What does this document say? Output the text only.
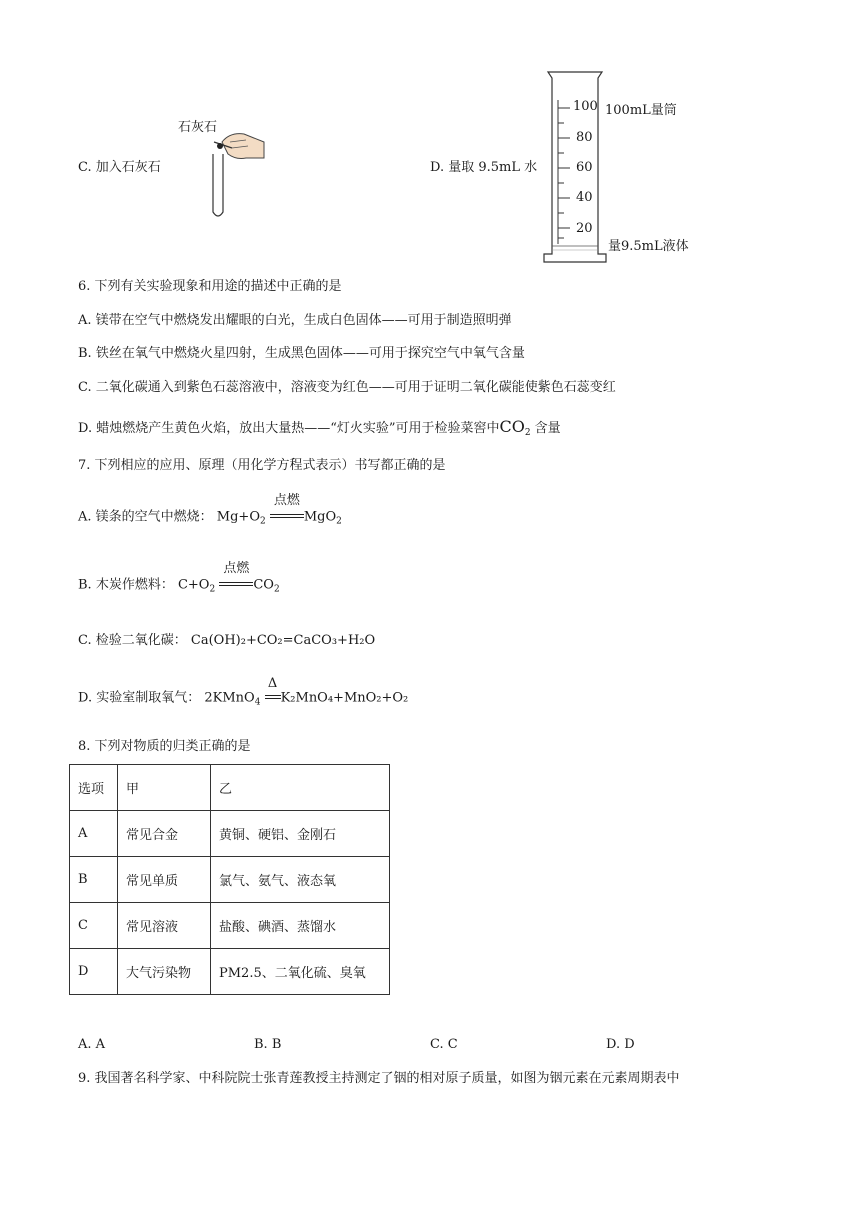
C. 加入石灰石
石灰石
D. 量取 9.5mL 水
100
80
60
40
20
100mL量筒
量9.5mL液体
6. 下列有关实验现象和用途的描述中正确的是
A. 镁带在空气中燃烧发出耀眼的白光，生成白色固体——可用于制造照明弹
B. 铁丝在氧气中燃烧火星四射，生成黑色固体——可用于探究空气中氧气含量
C. 二氧化碳通入到紫色石蕊溶液中，溶液变为红色——可用于证明二氧化碳能使紫色石蕊变红
D. 蜡烛燃烧产生黄色火焰，放出大量热——“灯火实验”可用于检验菜窖中$CO_2$ 含量
7. 下列相应的应用、原理（用化学方程式表示）书写都正确的是
A. 镁条的空气中燃烧： $Mg+O_2$
点燃
MgO$_2$
B. 木炭作燃料： $C+O_2$
点燃
$CO_2$
C. 检验二氧化碳： Ca(OH)₂+CO₂=CaCO₃+H₂O
D. 实验室制取氧气： 2KMnO$_4$
Δ
K₂MnO₄+MnO₂+O₂
8. 下列对物质的归类正确的是
选项	甲	乙
A	常见合金	黄铜、硬铝、金刚石
B	常见单质	氯气、氨气、液态氧
C	常见溶液	盐酸、碘酒、蒸馏水
D	大气污染物	PM2.5、二氧化硫、臭氧
A. A	B. B	C. C	D. D
9. 我国著名科学家、中科院院士张青莲教授主持测定了铟的相对原子质量，如图为铟元素在元素周期表中
